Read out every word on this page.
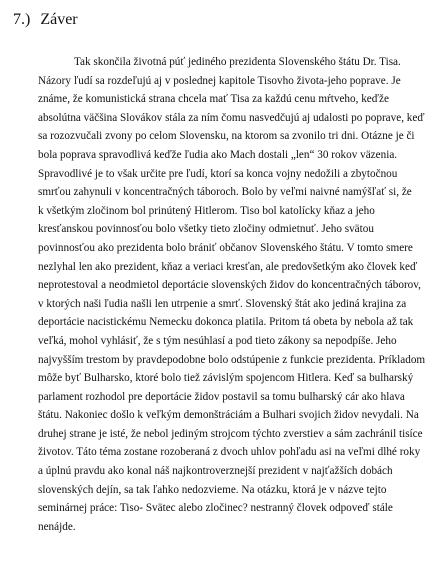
7.) Záver
Tak skončila životná púť jediného prezidenta Slovenského štátu Dr. Tisa.
Názory ľudí sa rozdeľujú aj v poslednej kapitole Tisovho života-jeho popravе. Je
známe, že komunistická strana chcela mať Tisa za každú cenu mŕtveho, keďže
absolútna väčšina Slovákov stála za ním čomu nasvedčujú aj udalosti po poprave, keď
sa rozozvučali zvony po celom Slovensku, na ktorom sa zvonilo tri dni. Otázne je či
bola poprava spravodlivá keďže ľudia ako Mach dostali „len“ 30 rokov väzenia.
Spravodlivé je to však určite pre ľudí, ktorí sa konca vojny nedožili a zbytočnou
smrťou zahynuli v koncentračných táboroch. Bolo by veľmi naivné namýšľať si, že
k všetkým zločinom bol prinútený Hitlerom. Tiso bol katolícky kňaz a jeho
kresťanskou povinnosťou bolo všetky tieto zločiny odmietnuť. Jeho svätou
povinnosťou ako prezidenta bolo brániť občanov Slovenského štátu. V tomto smere
nezlyhal len ako prezident, kňaz a veriaci kresťan, ale predovšetkým ako človek keď
neprotestoval a neodmietol deportácie slovenských židov do koncentračných táborov,
v ktorých naši ľudia našli len utrpenie a smrť. Slovenský štát ako jediná krajina za
deportácie nacistickému Nemecku dokonca platila. Pritom tá obeta by nebola až tak
veľká, mohol vyhlásiť, že s tým nesúhlasí a pod tieto zákony sa nepodpíše. Jeho
najvyšším trestom by pravdepodobne bolo odstúpenie z funkcie prezidenta. Príkladom
môže byť Bulharsko, ktoré bolo tiež závislým spojencom Hitlera. Keď sa bulharský
parlament rozhodol pre deportácie židov postavil sa tomu bulharský cár ako hlava
štátu. Nakoniec došlo k veľkým demonštráciám a Bulhari svojich židov nevydali. Na
druhej strane je isté, že nebol jediným strojcom týchto zverstiev a sám zachránil tisíce
životov. Táto téma zostane rozoberaná z dvoch uhlov pohľadu asi na veľmi dlhé roky
a úplnú pravdu ako konal náš najkontroverznejší prezident v najťažších dobách
slovenských dejín, sa tak ľahko nedozvieme. Na otázku, ktorá je v názve tejto
seminárnej práce: Tiso- Svätec alebo zločinec? nestranný človek odpoveď stále
nenájde.
